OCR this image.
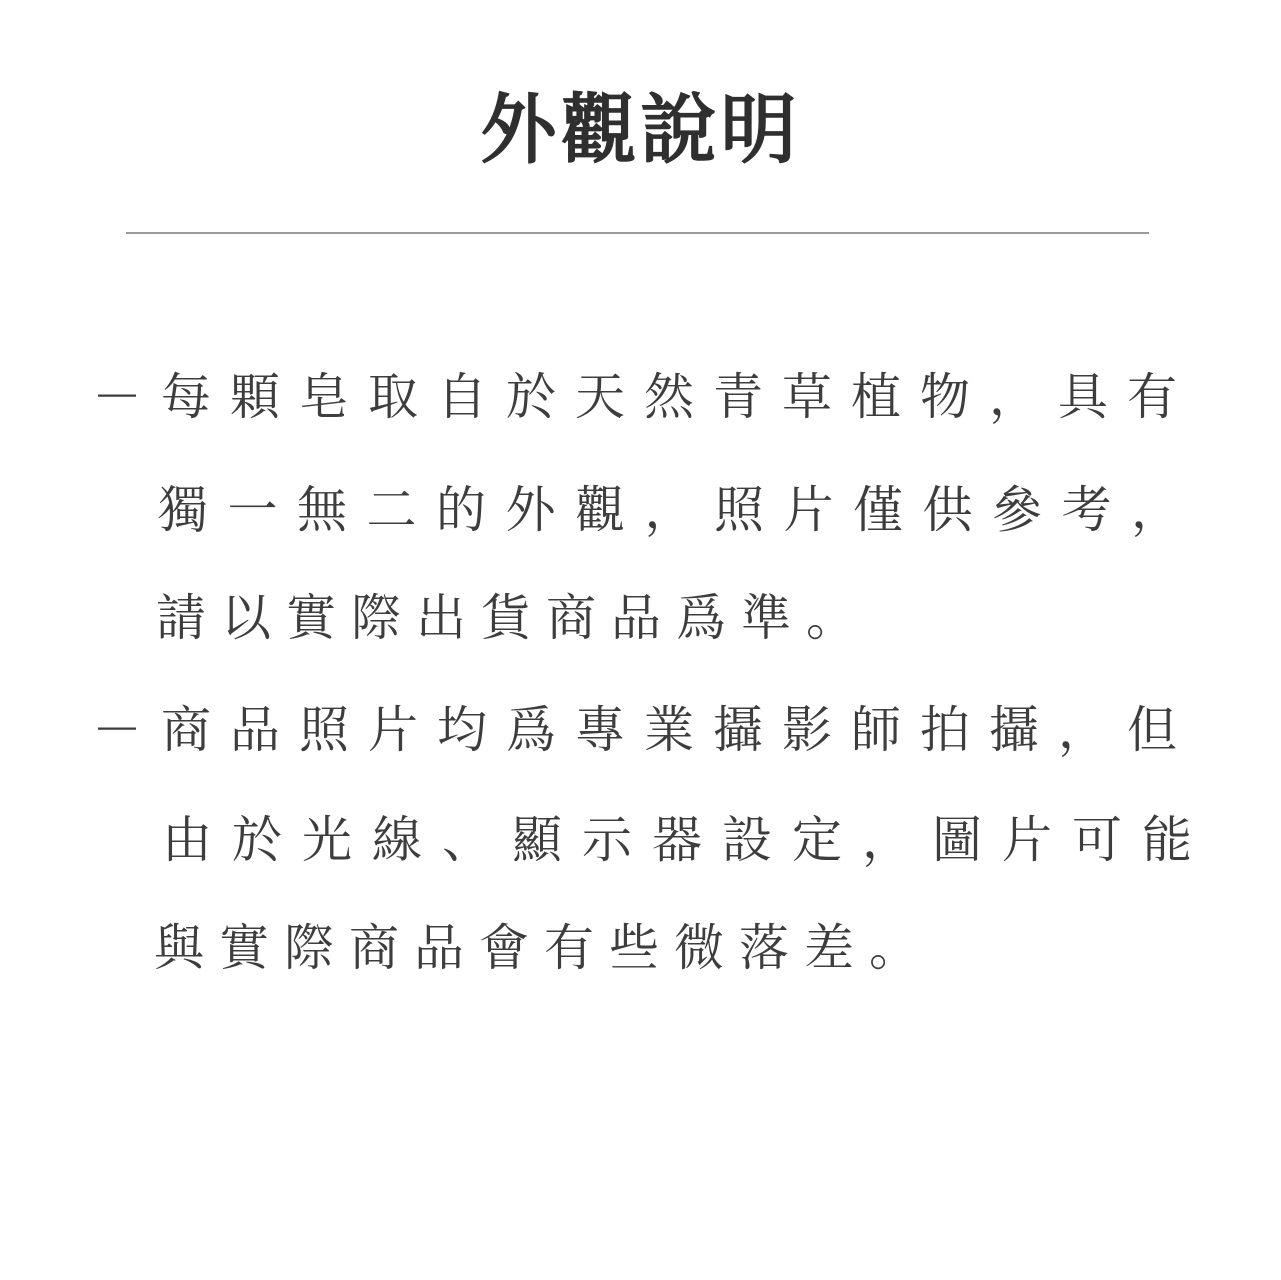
外觀說明

－每顆皂取自於天然青草植物，具有

獨一無二的外觀，照片僅供參考，

請以實際出貨商品爲準。

－商品照片均爲專業攝影師拍攝，但

由於光線、顯示器設定，圖片可能

與實際商品會有些微落差。
